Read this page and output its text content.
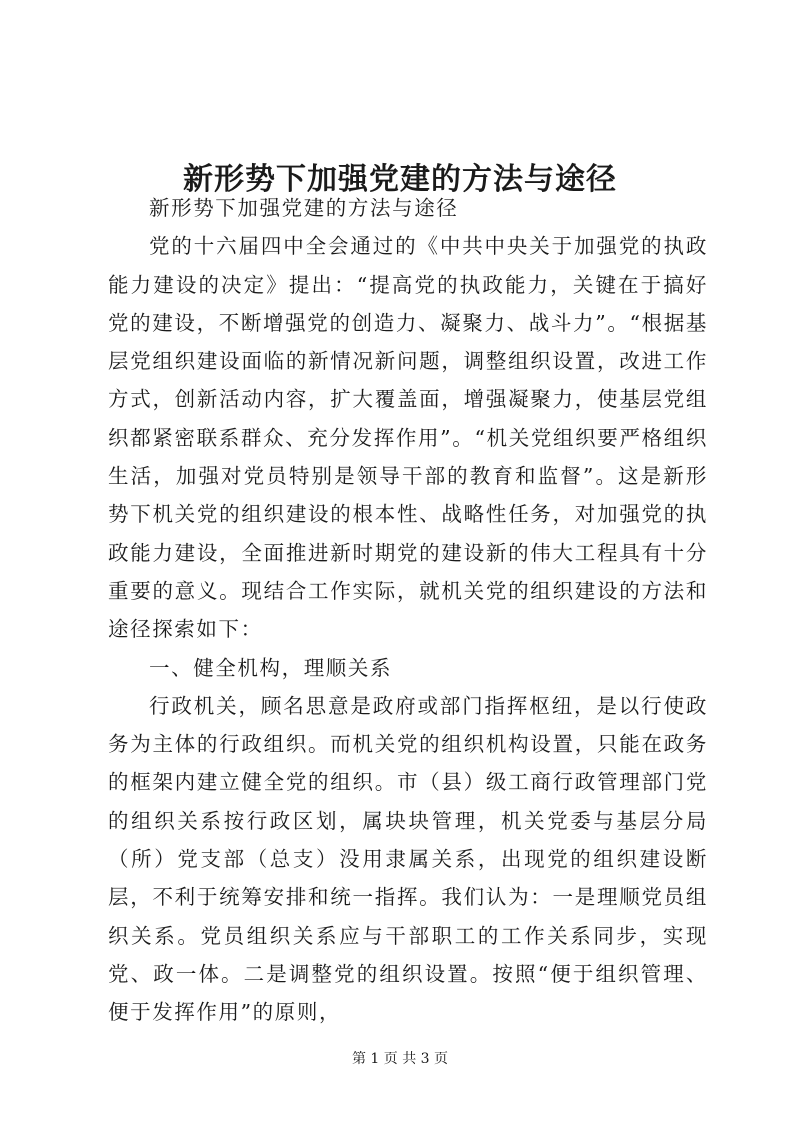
新形势下加强党建的方法与途径

新形势下加强党建的方法与途径

党的十六届四中全会通过的《中共中央关于加强党的执政能力建设的决定》提出：“提高党的执政能力，关键在于搞好党的建设，不断增强党的创造力、凝聚力、战斗力”。“根据基层党组织建设面临的新情况新问题，调整组织设置，改进工作方式，创新活动内容，扩大覆盖面，增强凝聚力，使基层党组织都紧密联系群众、充分发挥作用”。“机关党组织要严格组织生活，加强对党员特别是领导干部的教育和监督”。这是新形势下机关党的组织建设的根本性、战略性任务，对加强党的执政能力建设，全面推进新时期党的建设新的伟大工程具有十分重要的意义。现结合工作实际，就机关党的组织建设的方法和途径探索如下：

一、健全机构，理顺关系

行政机关，顾名思意是政府或部门指挥枢纽，是以行使政务为主体的行政组织。而机关党的组织机构设置，只能在政务的框架内建立健全党的组织。市（县）级工商行政管理部门党的组织关系按行政区划，属块块管理，机关党委与基层分局（所）党支部（总支）没用隶属关系，出现党的组织建设断层，不利于统筹安排和统一指挥。我们认为：一是理顺党员组织关系。党员组织关系应与干部职工的工作关系同步，实现党、政一体。二是调整党的组织设置。按照“便于组织管理、便于发挥作用”的原则，

第 1 页 共 3 页
